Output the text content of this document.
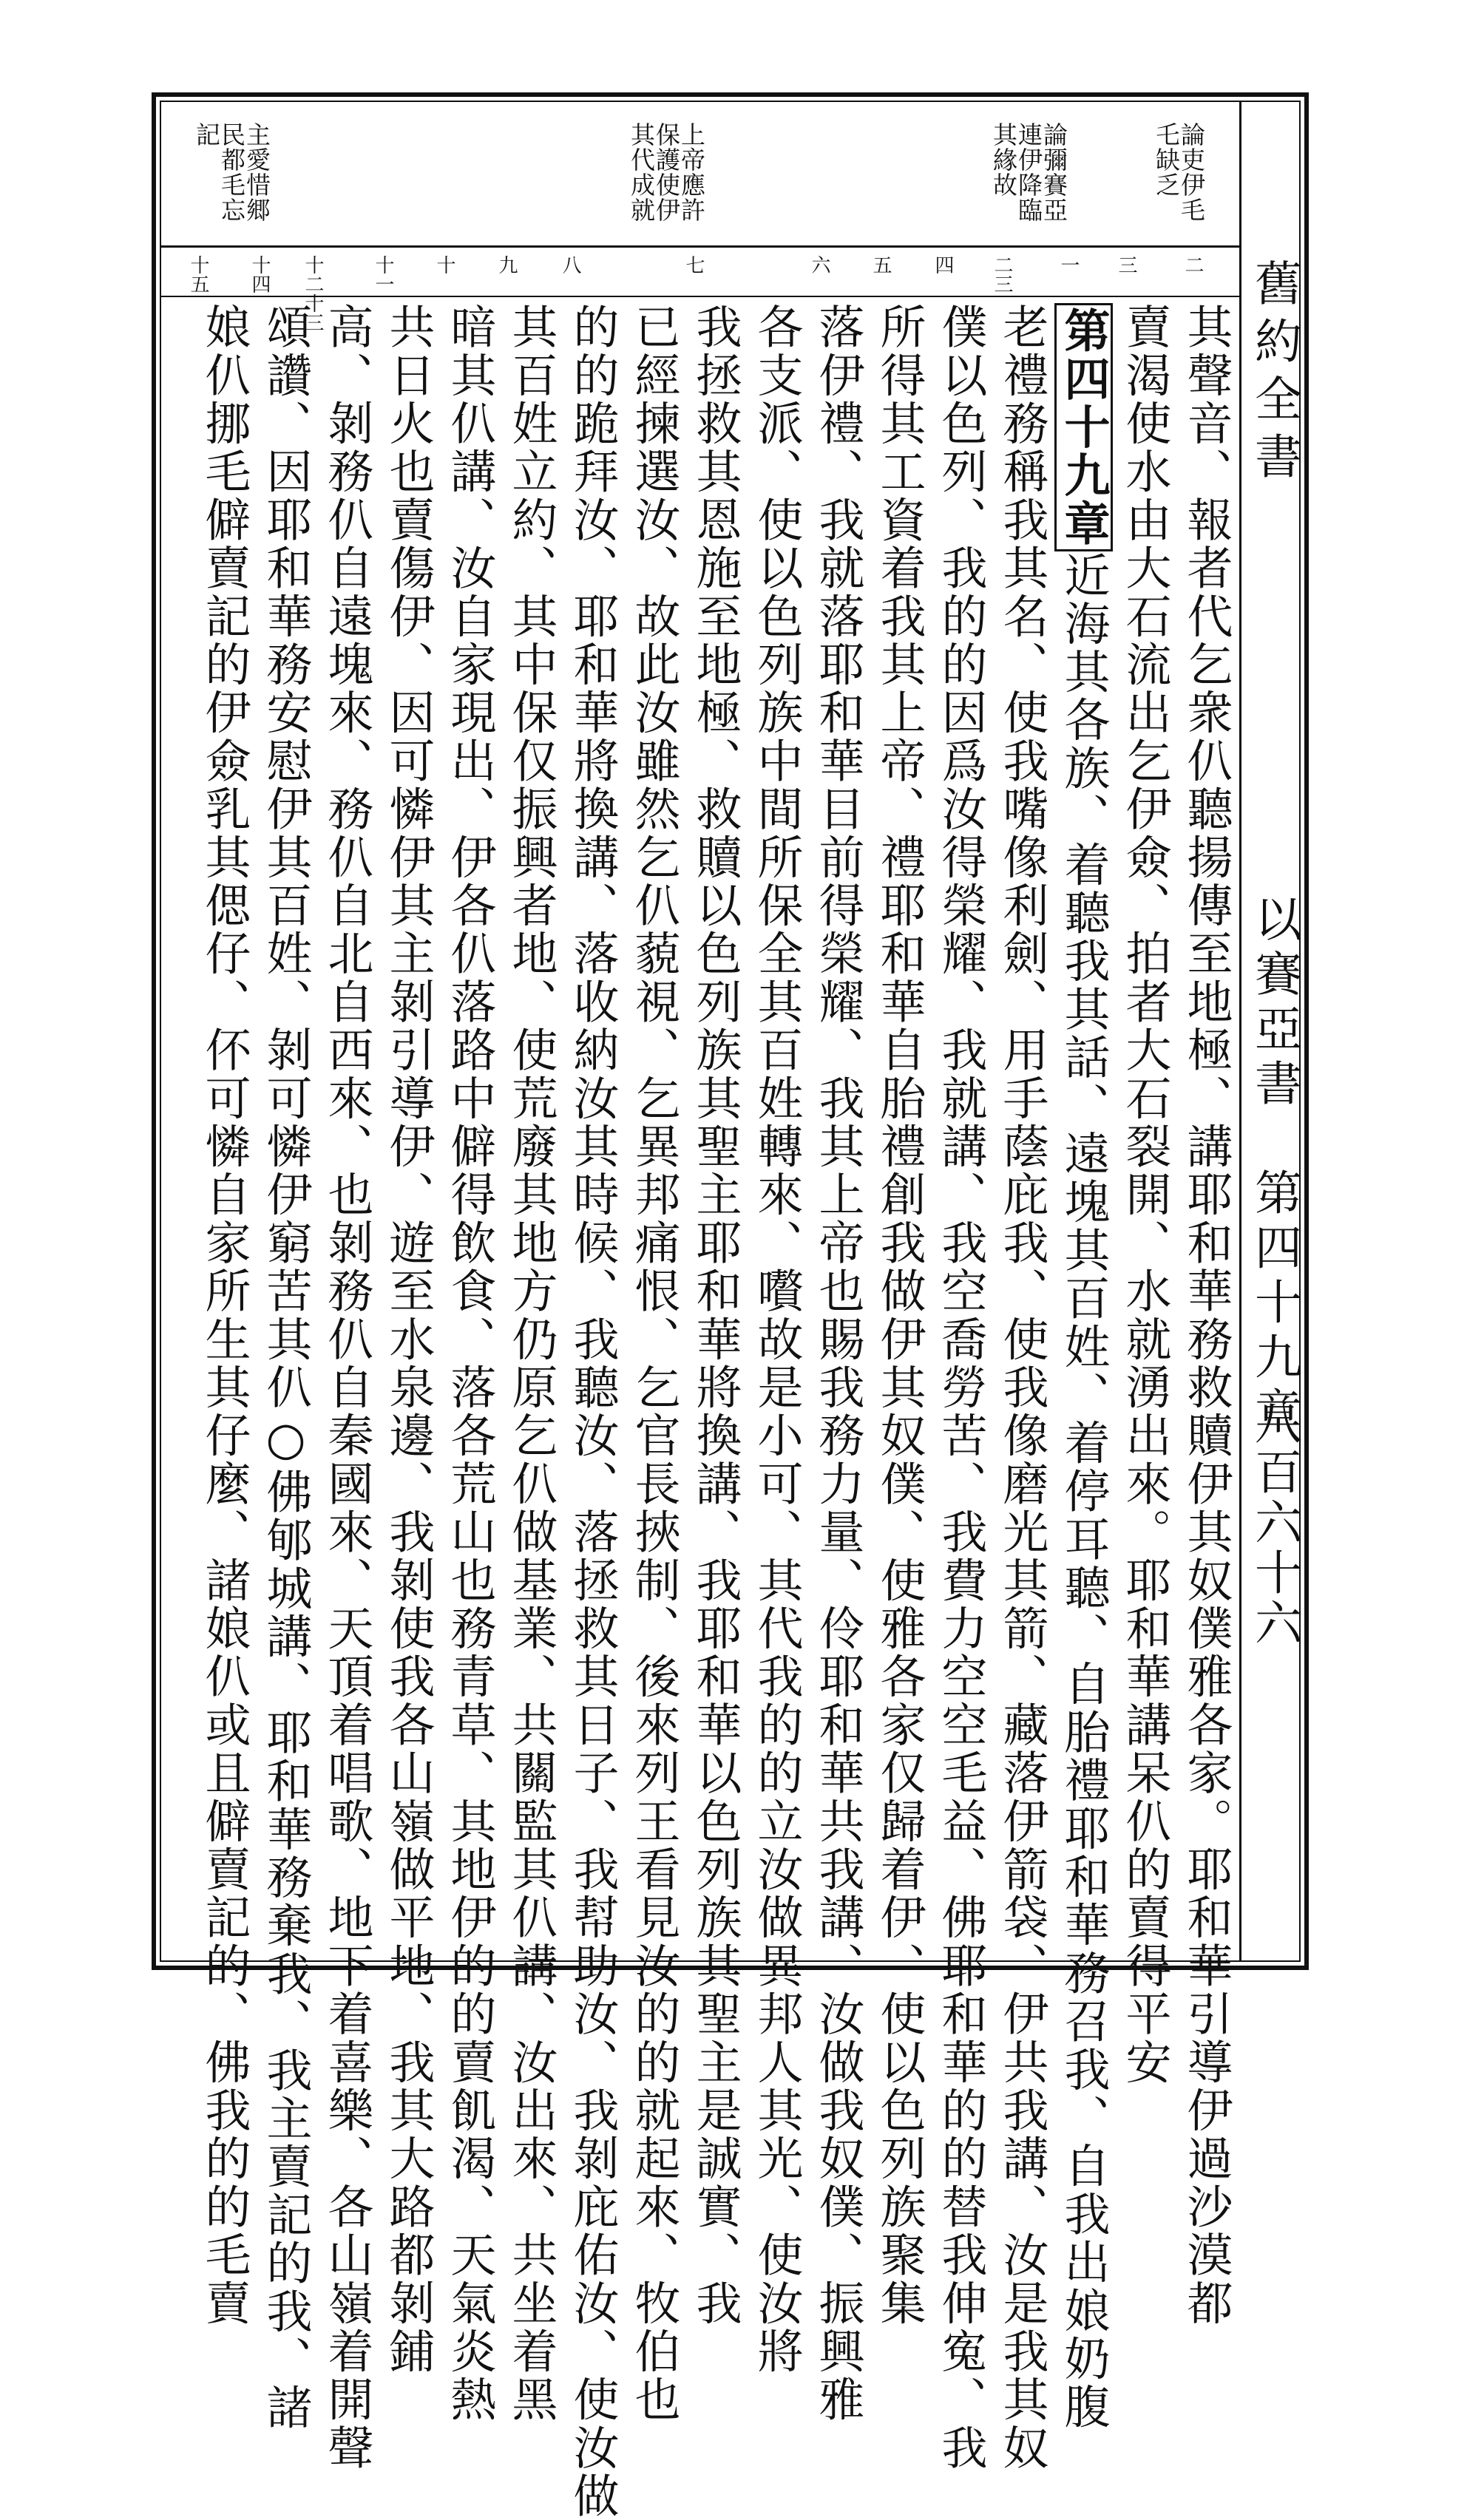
舊約全書
以賽亞書　第四十九章
八百六十六
論吏伊毛
乇缺乏
論彌賽亞
連伊降臨
其緣故
上帝應許
保護使伊
其代成就
主愛惜郷
民都毛忘
記
二
三
一
二三
四
五
六
七
八
九
十
十一
十二十三
十四
十五
其聲音、報者代乞衆仈聽揚傳至地極、講耶和華務救贖伊其奴僕雅各家。耶和華引導伊過沙漠都
賣渴使水由大石流出乞伊僉、拍者大石裂開、水就湧出來。耶和華講呆仈的賣得平安
第四十九章近海其各族、着聽我其話、遠塊其百姓、着停耳聽、自胎禮耶和華務召我、自我出娘奶腹
老禮務稱我其名、使我嘴像利劍、用手蔭庇我、使我像磨光其箭、藏落伊箭袋、伊共我講、汝是我其奴
僕以色列、我的的因爲汝得榮耀、我就講、我空喬勞苦、我費力空空毛益、佛耶和華的的替我伸寃、我
所得其工資着我其上帝、禮耶和華自胎禮創我做伊其奴僕、使雅各家仅歸着伊、使以色列族聚集
落伊禮、我就落耶和華目前得榮耀、我其上帝也賜我務力量、伶耶和華共我講、汝做我奴僕、振興雅
各支派、使以色列族中間所保全其百姓轉來、嚽故是小可、其代我的的立汝做異邦人其光、使汝將
我拯救其恩施至地極、救贖以色列族其聖主耶和華將換講、我耶和華以色列族其聖主是誠實、我
已經揀選汝、故此汝雖然乞仈藐視、乞異邦痛恨、乞官長挾制、後來列王看見汝的的就起來、牧伯也
的的跪拜汝、耶和華將換講、落收納汝其時候、我聽汝、落拯救其日子、我幇助汝、我剝庇佑汝、使汝做
其百姓立約、其中保仅振興者地、使荒廢其地方仍原乞仈做基業、共關監其仈講、汝出來、共坐着黑
暗其仈講、汝自家現出、伊各仈落路中僻得飲食、落各荒山也務青草、其地伊的的賣飢渴、天氣炎熱
共日火也賣傷伊、因可憐伊其主剝引導伊、遊至水泉邊、我剝使我各山嶺做平地、我其大路都剝鋪
高、剝務仈自遠塊來、務仈自北自西來、也剝務仈自秦國來、天頂着唱歌、地下着喜樂、各山嶺着開聲
頌讚、因耶和華務安慰伊其百姓、剝可憐伊窮苦其仈○佛郇城講、耶和華務棄我、我主賣記的我、諸
娘仈挪毛僻賣記的伊僉乳其偲仔、伓可憐自家所生其仔麼、諸娘仈或且僻賣記的、佛我的的毛賣
